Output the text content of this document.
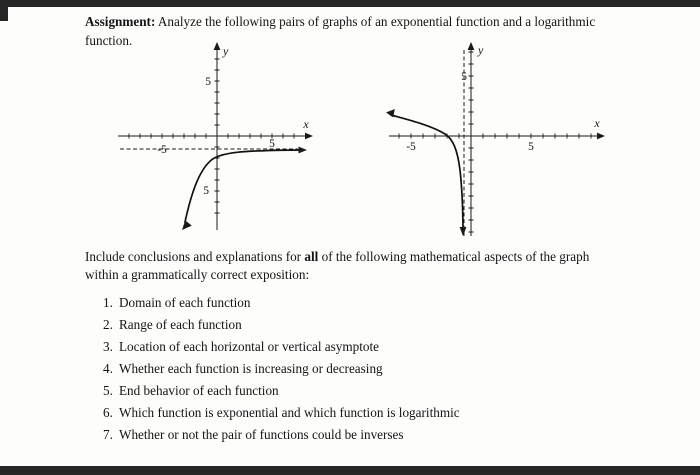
Assignment: Analyze the following pairs of graphs of an exponential function and a logarithmic function.

y
x
5
5
-5	5
y
x
5
-5	5

Include conclusions and explanations for all of the following mathematical aspects of the graph within a grammatically correct exposition:

1. Domain of each function
2. Range of each function
3. Location of each horizontal or vertical asymptote
4. Whether each function is increasing or decreasing
5. End behavior of each function
6. Which function is exponential and which function is logarithmic
7. Whether or not the pair of functions could be inverses
